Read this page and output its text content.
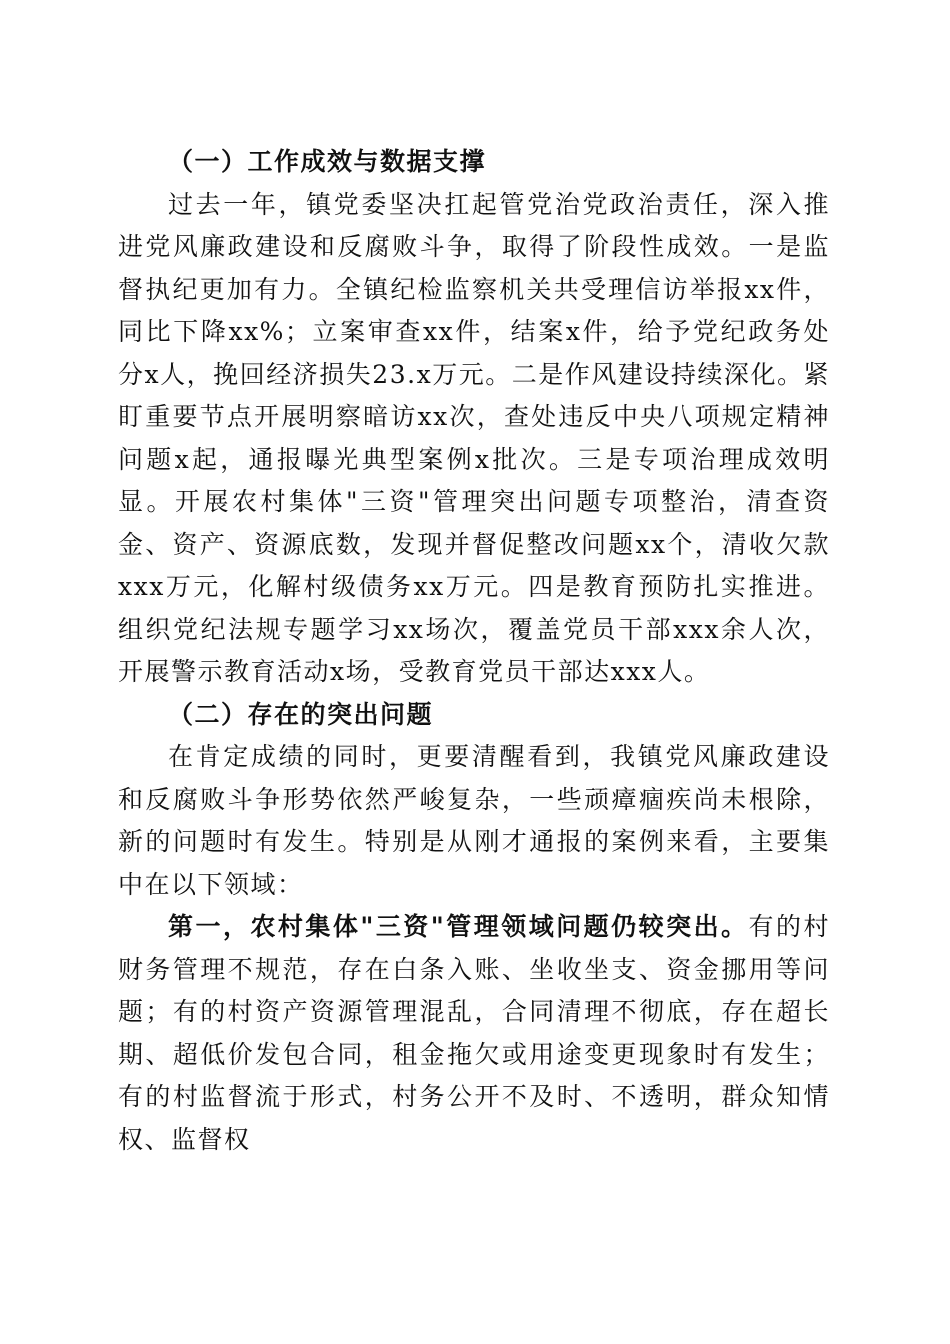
（一）工作成效与数据支撑

过去一年，镇党委坚决扛起管党治党政治责任，深入推进党风廉政建设和反腐败斗争，取得了阶段性成效。一是监督执纪更加有力。全镇纪检监察机关共受理信访举报xx件，同比下降xx%；立案审查xx件，结案x件，给予党纪政务处分x人，挽回经济损失23.x万元。二是作风建设持续深化。紧盯重要节点开展明察暗访xx次，查处违反中央八项规定精神问题x起，通报曝光典型案例x批次。三是专项治理成效明显。开展农村集体"三资"管理突出问题专项整治，清查资金、资产、资源底数，发现并督促整改问题xx个，清收欠款xxx万元，化解村级债务xx万元。四是教育预防扎实推进。组织党纪法规专题学习xx场次，覆盖党员干部xxx余人次，开展警示教育活动x场，受教育党员干部达xxx人。

（二）存在的突出问题

在肯定成绩的同时，更要清醒看到，我镇党风廉政建设和反腐败斗争形势依然严峻复杂，一些顽瘴痼疾尚未根除，新的问题时有发生。特别是从刚才通报的案例来看，主要集中在以下领域：

第一，农村集体"三资"管理领域问题仍较突出。有的村财务管理不规范，存在白条入账、坐收坐支、资金挪用等问题；有的村资产资源管理混乱，合同清理不彻底，存在超长期、超低价发包合同，租金拖欠或用途变更现象时有发生；有的村监督流于形式，村务公开不及时、不透明，群众知情权、监督权
